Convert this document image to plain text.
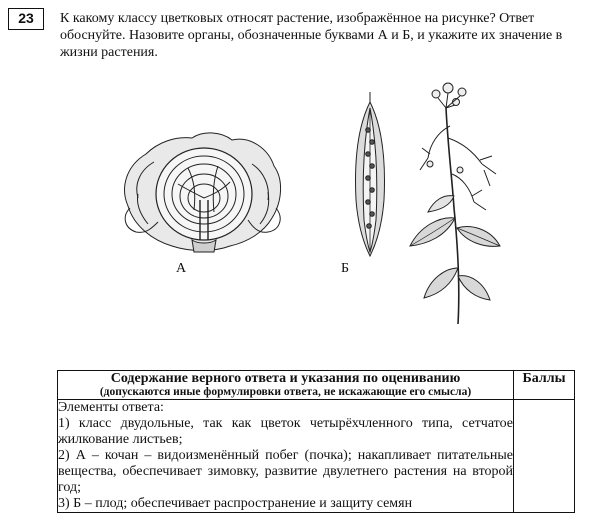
23	К какому классу цветковых относят растение, изображённое на рисунке? Ответ обоснуйте. Назовите органы, обозначенные буквами А и Б, и укажите их значение в жизни растения.

А	Б
Содержание верного ответа и указания по оцениванию
(допускаются иные формулировки ответа, не искажающие его смысла)	Баллы

Элементы ответа:

1) класс двудольные, так как цветок четырёхчленного типа, сетчатое жилкование листьев;

2) А – кочан – видоизменённый побег (почка); накапливает питательные вещества, обеспечивает зимовку, развитие двулетнего растения на второй год;

3) Б – плод; обеспечивает распространение и защиту семян	
